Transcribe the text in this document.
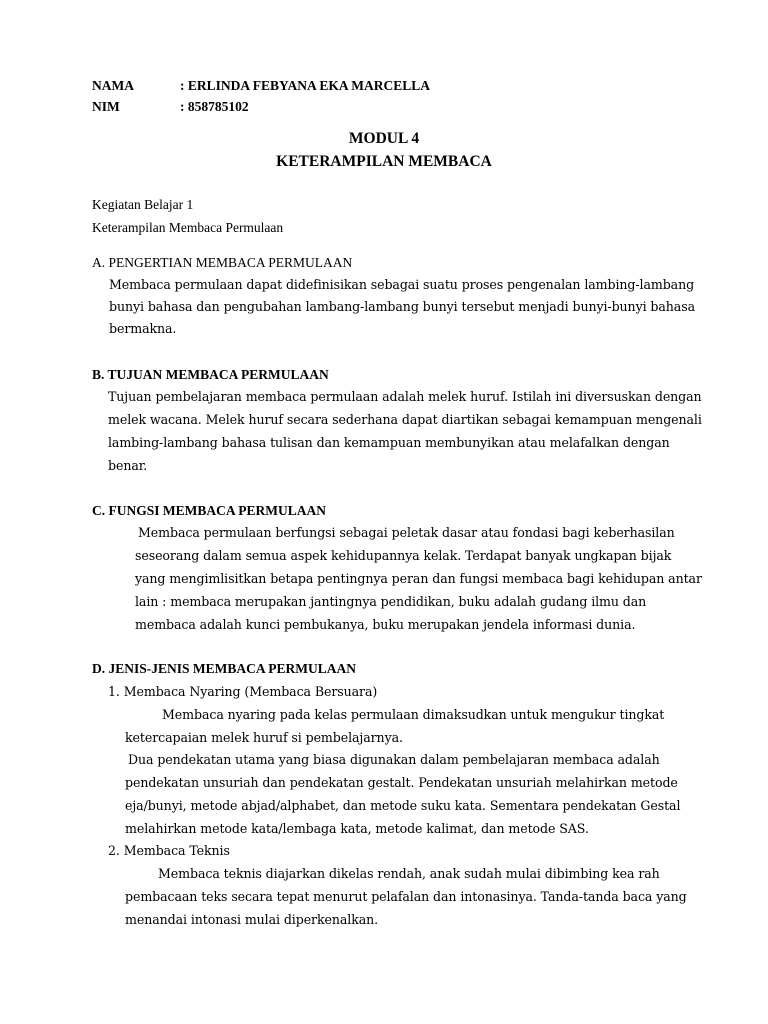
NAMA	: ERLINDA FEBYANA EKA MARCELLA
NIM	: 858785102
MODUL 4
KETERAMPILAN MEMBACA
Kegiatan Belajar 1
Keterampilan Membaca Permulaan
A. PENGERTIAN MEMBACA PERMULAAN
Membaca permulaan dapat didefinisikan sebagai suatu proses pengenalan lambing-lambang
bunyi bahasa dan pengubahan lambang-lambang bunyi tersebut menjadi bunyi-bunyi bahasa
bermakna.
B. TUJUAN MEMBACA PERMULAAN
Tujuan pembelajaran membaca permulaan adalah melek huruf. Istilah ini diversuskan dengan
melek wacana. Melek huruf secara sederhana dapat diartikan sebagai kemampuan mengenali
lambing-lambang bahasa tulisan dan kemampuan membunyikan atau melafalkan dengan
benar.
C. FUNGSI MEMBACA PERMULAAN
Membaca permulaan berfungsi sebagai peletak dasar atau fondasi bagi keberhasilan
seseorang dalam semua aspek kehidupannya kelak. Terdapat banyak ungkapan bijak
yang mengimlisitkan betapa pentingnya peran dan fungsi membaca bagi kehidupan antar
lain : membaca merupakan jantingnya pendidikan, buku adalah gudang ilmu dan
membaca adalah kunci pembukanya, buku merupakan jendela informasi dunia.
D. JENIS-JENIS MEMBACA PERMULAAN
1. Membaca Nyaring (Membaca Bersuara)
Membaca nyaring pada kelas permulaan dimaksudkan untuk mengukur tingkat
ketercapaian melek huruf si pembelajarnya.
Dua pendekatan utama yang biasa digunakan dalam pembelajaran membaca adalah
pendekatan unsuriah dan pendekatan gestalt. Pendekatan unsuriah melahirkan metode
eja/bunyi, metode abjad/alphabet, dan metode suku kata. Sementara pendekatan Gestal
melahirkan metode kata/lembaga kata, metode kalimat, dan metode SAS.
2. Membaca Teknis
Membaca teknis diajarkan dikelas rendah, anak sudah mulai dibimbing kea rah
pembacaan teks secara tepat menurut pelafalan dan intonasinya. Tanda-tanda baca yang
menandai intonasi mulai diperkenalkan.
